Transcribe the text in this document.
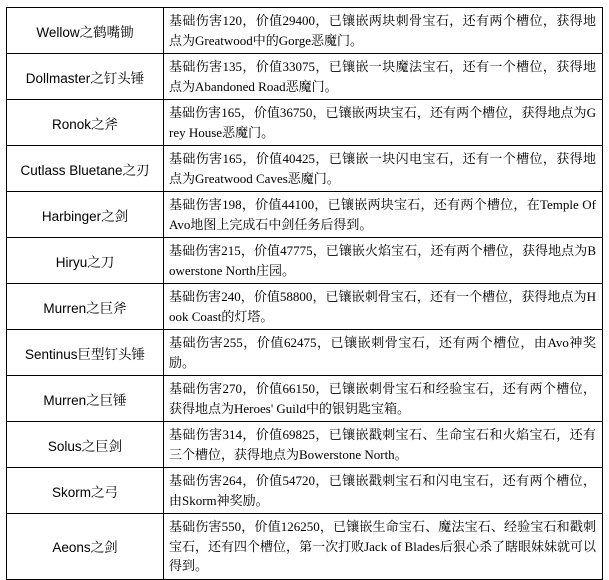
Wellow之鹤嘴锄	基础伤害120，价值29400，已镶嵌两块刺骨宝石，还有两个槽位，获得地点为Greatwood中的Gorge恶魔门。
Dollmaster之钉头锤	基础伤害135，价值33075，已镶嵌一块魔法宝石，还有一个槽位，获得地点为Abandoned Road恶魔门。
Ronok之斧	基础伤害165，价值36750，已镶嵌两块宝石，还有两个槽位，获得地点为Grey House恶魔门。
Cutlass Bluetane之刃	基础伤害165，价值40425，已镶嵌一块闪电宝石，还有一个槽位，获得地点为Greatwood Caves恶魔门。
Harbinger之剑	基础伤害198，价值44100，已镶嵌两块宝石，还有两个槽位，在Temple Of Avo地图上完成石中剑任务后得到。
Hiryu之刀	基础伤害215，价值47775，已镶嵌火焰宝石，还有两个槽位，获得地点为Bowerstone North庄园。
Murren之巨斧	基础伤害240，价值58800，已镶嵌刺骨宝石，还有一个槽位，获得地点为Hook Coast的灯塔。
Sentinus巨型钉头锤	基础伤害255，价值62475，已镶嵌刺骨宝石，还有两个槽位，由Avo神奖励。
Murren之巨锤	基础伤害270，价值66150，已镶嵌刺骨宝石和经验宝石，还有两个槽位，获得地点为Heroes' Guild中的银钥匙宝箱。
Solus之巨剑	基础伤害314，价值69825，已镶嵌戳刺宝石、生命宝石和火焰宝石，还有三个槽位，获得地点为Bowerstone North。
Skorm之弓	基础伤害264，价值54720，已镶嵌戳刺宝石和闪电宝石，还有两个槽位，由Skorm神奖励。
Aeons之剑	基础伤害550，价值126250，已镶嵌生命宝石、魔法宝石、经验宝石和戳刺宝石，还有四个槽位，第一次打败Jack of Blades后狠心杀了瞎眼妹妹就可以得到。
